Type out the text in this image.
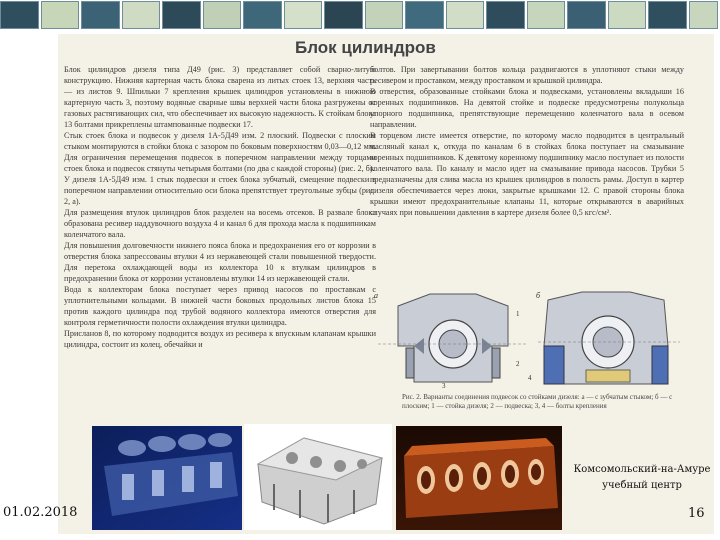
Блок цилиндров

Блок цилиндров дизеля типа Д49 (рис. 3) представляет собой сварно-литую конструкцию. Нижняя картерная часть блока сварена из литых стоек 13, верхняя часть — из листов 9. Шпильки 7 крепления крышек цилиндров установлены в нижнюю картерную часть 3, поэтому водяные сварные швы верхней части блока разгружены от газовых растягивающих сил, что обеспечивает их высокую надежность. К стойкам блока 13 болтами прикреплены штампованные подвески 17.

Стык стоек блока и подвесок у дизеля 1А-5Д49 изм. 2 плоский. Подвески с плоским стыком монтируются в стойки блока с зазором по боковым поверхностям 0,03—0,12 мм. Для ограничения перемещения подвесок в поперечном направлении между торцами стоек блока и подвесок стянуты четырьмя болтами (по два с каждой стороны) (рис. 2, б).

У дизеля 1А-5Д49 изм. 1 стык подвески и стоек блока зубчатый, смещение подвески в поперечном направлении относительно оси блока препятствует треугольные зубцы (рис. 2, а).

Для размещения втулок цилиндров блок разделен на восемь отсеков. В развале блока образована ресивер наддувочного воздуха 4 и канал 6 для прохода масла к подшипникам коленчатого вала.

Для повышения долговечности нижнего пояса блока и предохранения его от коррозии в отверстия блока запрессованы втулки 4 из нержавеющей стали повышенной твердости. Для перетока охлаждающей воды из коллектора 10 к втулкам цилиндров в предохранении блока от коррозии установлены втулки 14 из нержавеющей стали.

Вода к коллекторам блока поступает через привод насосов по проставкам с уплотнительными кольцами. В нижней части боковых продольных листов блока 15 против каждого цилиндра под трубой водяного коллектора имеются отверстия для контроля герметичности полости охлаждения втулки цилиндра.

Присланов 8, по которому подводится воздух из ресивера к впускным клапанам крышки цилиндра, состоит из колец, обечайки и

болтов. При завертывании болтов кольца раздвигаются в уплотняют стыки между ресивером и проставком, между проставком и крышкой цилиндра.

В отверстия, образованные стойками блока и подвесками, установлены вкладыши 16 коренных подшипников. На девятой стойке и подвеске предусмотрены полукольца упорного подшипника, препятствующие перемещению коленчатого вала в осевом направлении.

В торцевом листе имеется отверстие, по которому масло подводится в центральный масляный канал к, откуда по каналам 6 в стойках блока поступает на смазывание коренных подшипников. К девятому коренному подшипнику масло поступает из полости коленчатого вала. По каналу и масло идет на смазывание привода насосов. Трубки 5 предназначены для слива масла из крышек цилиндров в полость рамы. Доступ в картер дизеля обеспечивается через люки, закрытые крышками 12. С правой стороны блока крышки имеют предохранительные клапаны 11, которые открываются в аварийных случаях при повышении давления в картере дизеля более 0,5 кгс/см².

а	б
1
2
3
4
Рис. 2. Варианты соединения подвесок со стойками дизеля: а — с зубчатым стыком; б — с плоским; 1 — стойка дизеля; 2 — подвеска; 3, 4 — болты крепления
01.02.2018
Комсомольский-на-Амуре
учебный центр
16
